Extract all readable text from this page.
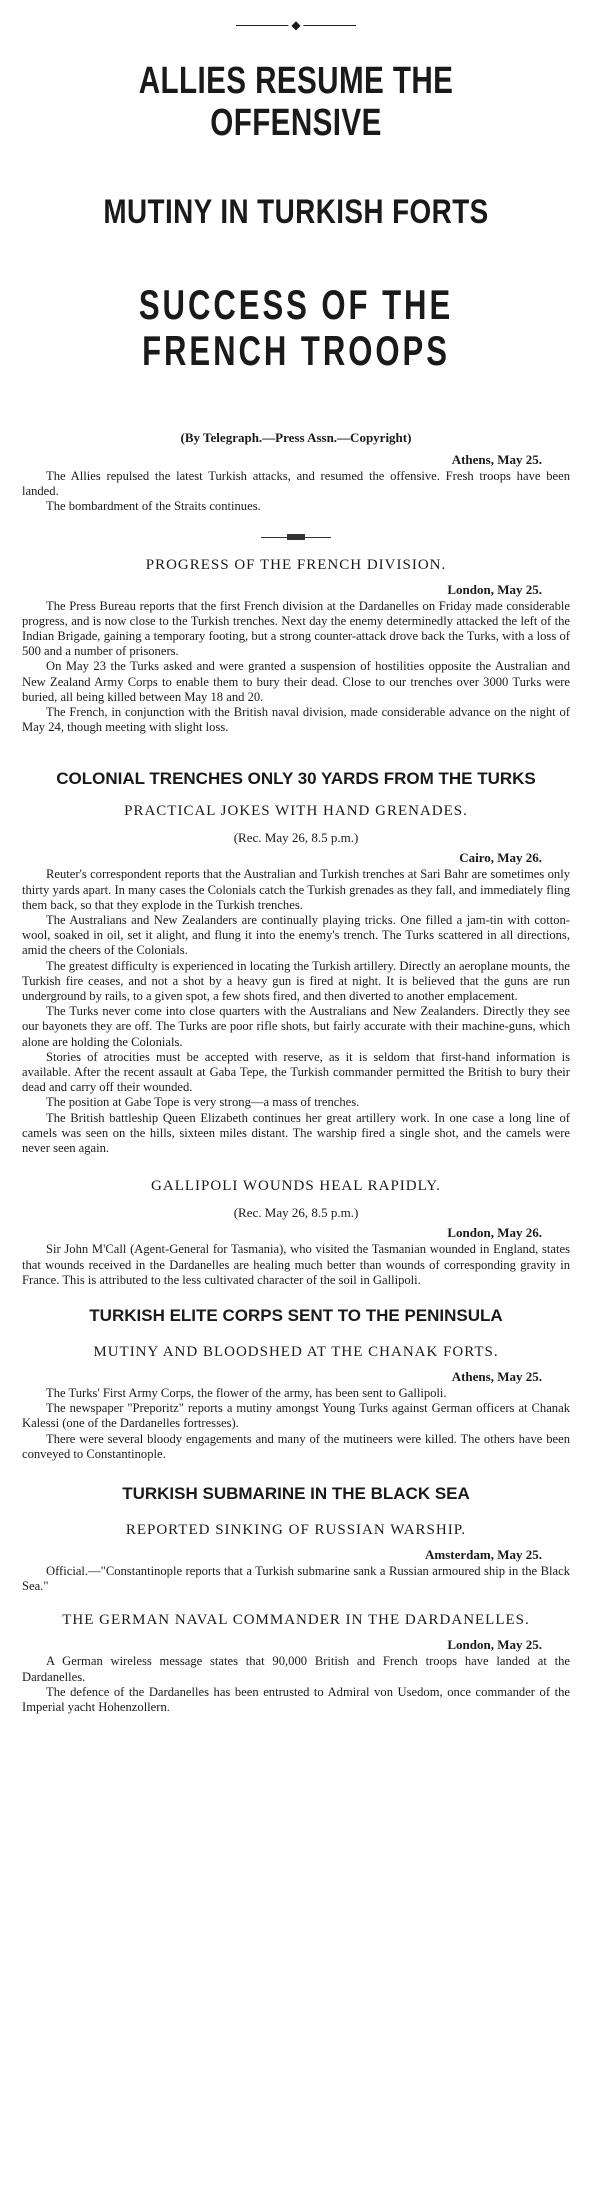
◆
ALLIES RESUME THE OFFENSIVE
MUTINY IN TURKISH FORTS
SUCCESS OF THE FRENCH TROOPS
(By Telegraph.—Press Assn.—Copyright)
Athens, May 25.

The Allies repulsed the latest Turkish attacks, and resumed the offensive. Fresh troops have been landed.

The bombardment of the Straits continues.

PROGRESS OF THE FRENCH DIVISION.
London, May 25.

The Press Bureau reports that the first French division at the Dardanelles on Friday made considerable progress, and is now close to the Turkish trenches. Next day the enemy determinedly attacked the left of the Indian Brigade, gaining a temporary footing, but a strong counter-attack drove back the Turks, with a loss of 500 and a number of prisoners.

On May 23 the Turks asked and were granted a suspension of hostilities opposite the Australian and New Zealand Army Corps to enable them to bury their dead. Close to our trenches over 3000 Turks were buried, all being killed between May 18 and 20.

The French, in conjunction with the British naval division, made considerable advance on the night of May 24, though meeting with slight loss.

COLONIAL TRENCHES ONLY 30 YARDS FROM THE TURKS
PRACTICAL JOKES WITH HAND GRENADES.
(Rec. May 26, 8.5 p.m.)
Cairo, May 26.

Reuter's correspondent reports that the Australian and Turkish trenches at Sari Bahr are sometimes only thirty yards apart. In many cases the Colonials catch the Turkish grenades as they fall, and immediately fling them back, so that they explode in the Turkish trenches.

The Australians and New Zealanders are continually playing tricks. One filled a jam-tin with cotton-wool, soaked in oil, set it alight, and flung it into the enemy's trench. The Turks scattered in all directions, amid the cheers of the Colonials.

The greatest difficulty is experienced in locating the Turkish artillery. Directly an aeroplane mounts, the Turkish fire ceases, and not a shot by a heavy gun is fired at night. It is believed that the guns are run underground by rails, to a given spot, a few shots fired, and then diverted to another emplacement.

The Turks never come into close quarters with the Australians and New Zealanders. Directly they see our bayonets they are off. The Turks are poor rifle shots, but fairly accurate with their machine-guns, which alone are holding the Colonials.

Stories of atrocities must be accepted with reserve, as it is seldom that first-hand information is available. After the recent assault at Gaba Tepe, the Turkish commander permitted the British to bury their dead and carry off their wounded.

The position at Gabe Tope is very strong—a mass of trenches.

The British battleship Queen Elizabeth continues her great artillery work. In one case a long line of camels was seen on the hills, sixteen miles distant. The warship fired a single shot, and the camels were never seen again.

GALLIPOLI WOUNDS HEAL RAPIDLY.
(Rec. May 26, 8.5 p.m.)
London, May 26.

Sir John M'Call (Agent-General for Tasmania), who visited the Tasmanian wounded in England, states that wounds received in the Dardanelles are healing much better than wounds of corresponding gravity in France. This is attributed to the less cultivated character of the soil in Gallipoli.

TURKISH ELITE CORPS SENT TO THE PENINSULA
MUTINY AND BLOODSHED AT THE CHANAK FORTS.
Athens, May 25.

The Turks' First Army Corps, the flower of the army, has been sent to Gallipoli.

The newspaper "Preporitz" reports a mutiny amongst Young Turks against German officers at Chanak Kalessi (one of the Dardanelles fortresses).

There were several bloody engagements and many of the mutineers were killed. The others have been conveyed to Constantinople.

TURKISH SUBMARINE IN THE BLACK SEA
REPORTED SINKING OF RUSSIAN WARSHIP.
Amsterdam, May 25.

Official.—"Constantinople reports that a Turkish submarine sank a Russian armoured ship in the Black Sea."

THE GERMAN NAVAL COMMANDER IN THE DARDANELLES.
London, May 25.

A German wireless message states that 90,000 British and French troops have landed at the Dardanelles.

The defence of the Dardanelles has been entrusted to Admiral von Usedom, once commander of the Imperial yacht Hohenzollern.
